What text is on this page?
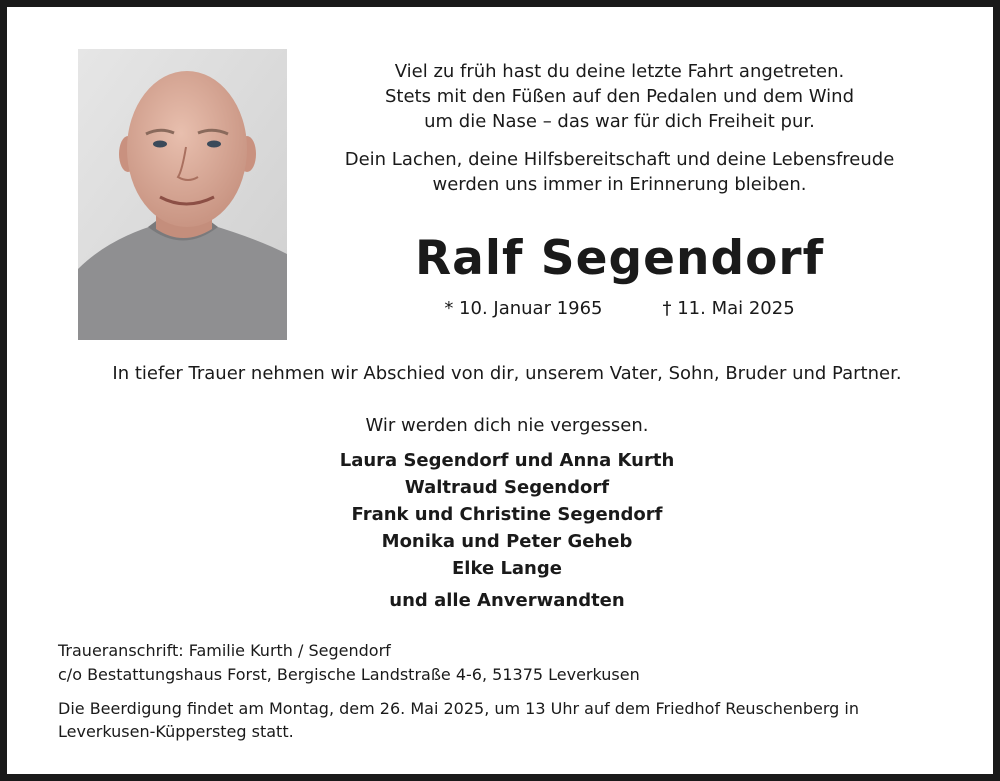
Viel zu früh hast du deine letzte Fahrt angetreten.

Stets mit den Füßen auf den Pedalen und dem Wind

um die Nase – das war für dich Freiheit pur.

Dein Lachen, deine Hilfsbereitschaft und deine Lebensfreude

werden uns immer in Erinnerung bleiben.

Ralf Segendorf
* 10. Januar 1965	† 11. Mai 2025
In tiefer Trauer nehmen wir Abschied von dir, unserem Vater, Sohn, Bruder und Partner.
Wir werden dich nie vergessen.
Laura Segendorf und Anna Kurth
Waltraud Segendorf
Frank und Christine Segendorf
Monika und Peter Geheb
Elke Lange
und alle Anverwandten

Traueranschrift: Familie Kurth / Segendorf

c/o Bestattungshaus Forst, Bergische Landstraße 4-6, 51375 Leverkusen

Die Beerdigung findet am Montag, dem 26. Mai 2025, um 13 Uhr auf dem Friedhof Reuschenberg in

Leverkusen-Küppersteg statt.
